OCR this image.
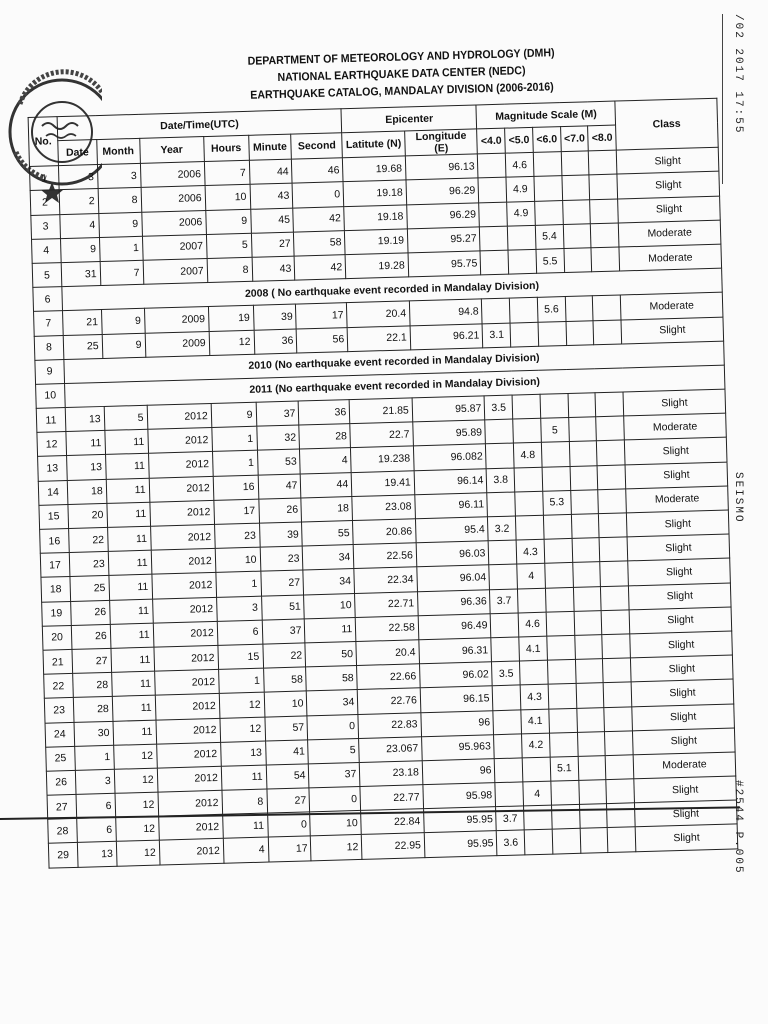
/02 2017 17:55
SEISMO
#2544 P.005
DEPARTMENT OF METEOROLOGY AND HYDROLOGY (DMH)
NATIONAL EARTHQUAKE DATA CENTER (NEDC)
EARTHQUAKE CATALOG, MANDALAY DIVISION (2006-2016)
No.	Date/Time(UTC)						Epicenter		Magnitude Scale (M)					Class
	Date	Month	Year	Hours	Minute	Second	Latitute (N)	Longitude (E)	<4.0	<5.0	<6.0	<7.0	<8.0	
1	3	3	2006	7	44	46	19.68	96.13		4.6				Slight
2	2	8	2006	10	43	0	19.18	96.29		4.9				Slight
3	4	9	2006	9	45	42	19.18	96.29		4.9				Slight
4	9	1	2007	5	27	58	19.19	95.27			5.4			Moderate
5	31	7	2007	8	43	42	19.28	95.75			5.5			Moderate
6	2008 ( No earthquake event recorded in Mandalay Division)													
7	21	9	2009	19	39	17	20.4	94.8			5.6			Moderate
8	25	9	2009	12	36	56	22.1	96.21	3.1					Slight
9	2010 (No earthquake event recorded in Mandalay Division)													
10	2011 (No earthquake event recorded in Mandalay Division)													
11	13	5	2012	9	37	36	21.85	95.87	3.5					Slight
12	11	11	2012	1	32	28	22.7	95.89			5			Moderate
13	13	11	2012	1	53	4	19.238	96.082		4.8				Slight
14	18	11	2012	16	47	44	19.41	96.14	3.8					Slight
15	20	11	2012	17	26	18	23.08	96.11			5.3			Moderate
16	22	11	2012	23	39	55	20.86	95.4	3.2					Slight
17	23	11	2012	10	23	34	22.56	96.03		4.3				Slight
18	25	11	2012	1	27	34	22.34	96.04		4				Slight
19	26	11	2012	3	51	10	22.71	96.36	3.7					Slight
20	26	11	2012	6	37	11	22.58	96.49		4.6				Slight
21	27	11	2012	15	22	50	20.4	96.31		4.1				Slight
22	28	11	2012	1	58	58	22.66	96.02	3.5					Slight
23	28	11	2012	12	10	34	22.76	96.15		4.3				Slight
24	30	11	2012	12	57	0	22.83	96		4.1				Slight
25	1	12	2012	13	41	5	23.067	95.963		4.2				Slight
26	3	12	2012	11	54	37	23.18	96			5.1			Moderate
27	6	12	2012	8	27	0	22.77	95.98		4				Slight
28	6	12	2012	11	0	10	22.84	95.95	3.7					Slight
29	13	12	2012	4	17	12	22.95	95.95	3.6					Slight
